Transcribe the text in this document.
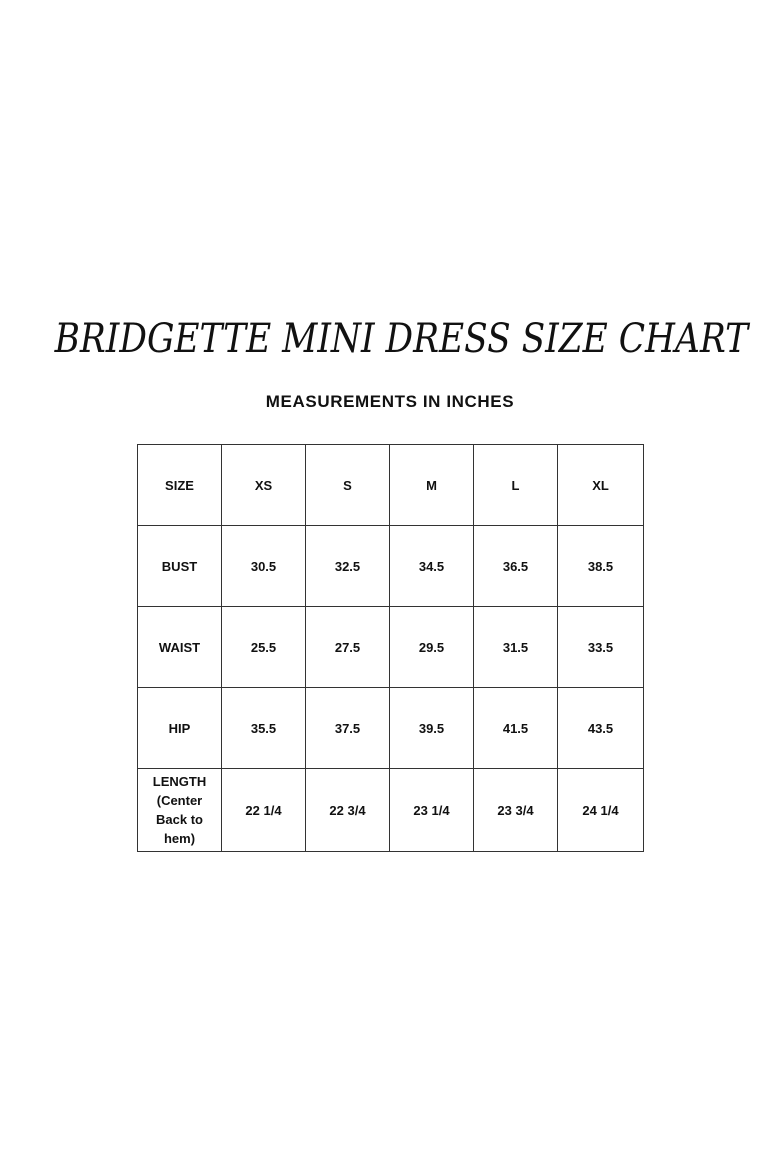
BRIDGETTE MINI DRESS SIZE CHART
MEASUREMENTS IN INCHES
SIZE	XS	S	M	L	XL
BUST	30.5	32.5	34.5	36.5	38.5
WAIST	25.5	27.5	29.5	31.5	33.5
HIP	35.5	37.5	39.5	41.5	43.5
LENGTH (Center Back to hem)	22 1/4	22 3/4	23 1/4	23 3/4	24 1/4
